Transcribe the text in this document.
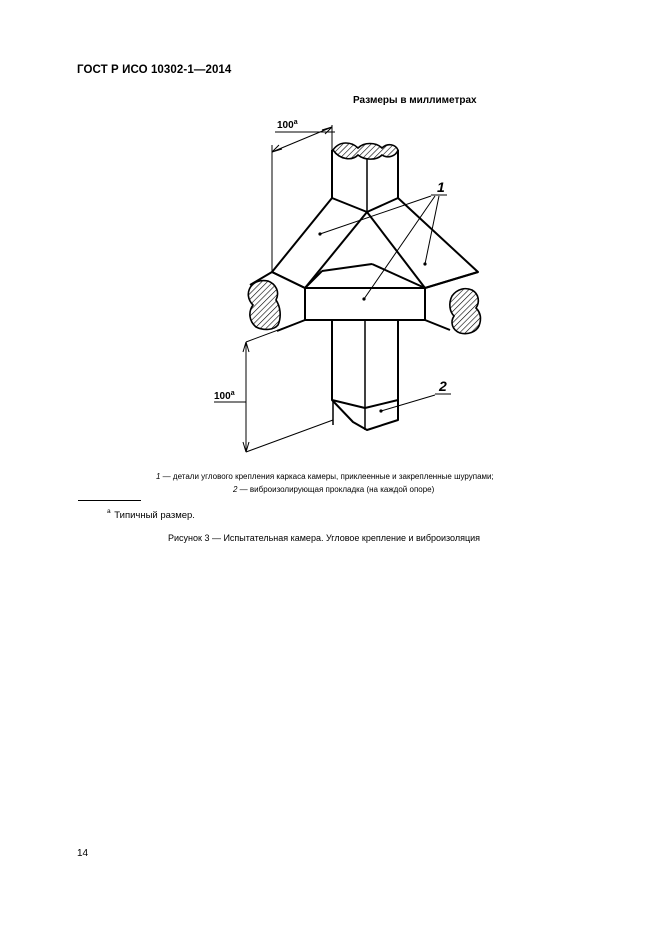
ГОСТ Р ИСО 10302-1—2014
Размеры в миллиметрах
100$^a$
100$^a$
1
2
1 — детали углового крепления каркаса камеры, приклеенные и закрепленные шурупами;
2 — виброизолирующая прокладка (на каждой опоре)
$^a$ Типичный размер.
Рисунок 3 — Испытательная камера. Угловое крепление и виброизоляция
14
